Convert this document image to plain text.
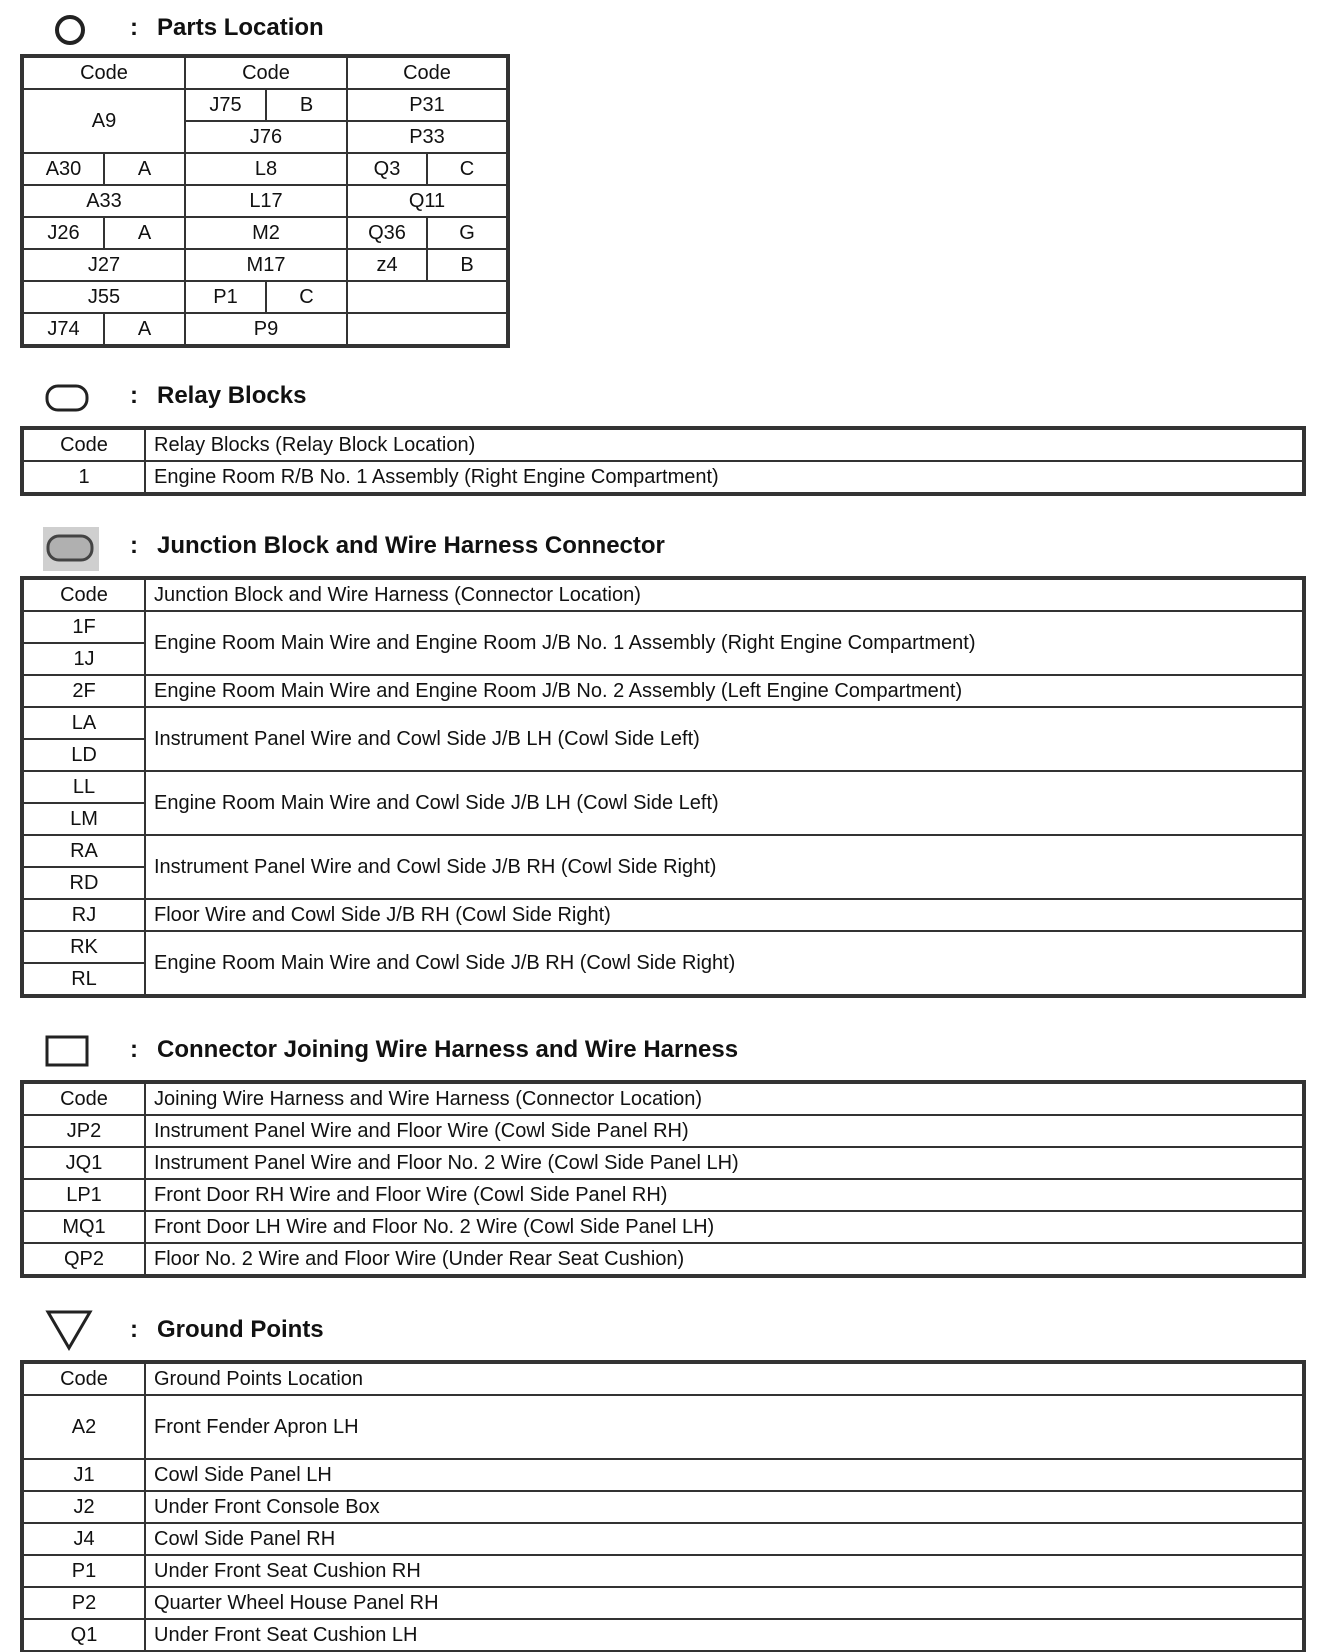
: Parts Location
Code		Code		Code	
A9		J75	B	P31	
		J76		P33	
A30	A	L8		Q3	C
A33		L17		Q11	
J26	A	M2		Q36	G
J27		M17		z4	B
J55		P1	C		
J74	A	P9			
: Relay Blocks
Code	Relay Blocks (Relay Block Location)
1	Engine Room R/B No. 1 Assembly (Right Engine Compartment)
: Junction Block and Wire Harness Connector
Code	Junction Block and Wire Harness (Connector Location)
1F	Engine Room Main Wire and Engine Room J/B No. 1 Assembly (Right Engine Compartment)
1J	
2F	Engine Room Main Wire and Engine Room J/B No. 2 Assembly (Left Engine Compartment)
LA	Instrument Panel Wire and Cowl Side J/B LH (Cowl Side Left)
LD	
LL	Engine Room Main Wire and Cowl Side J/B LH (Cowl Side Left)
LM	
RA	Instrument Panel Wire and Cowl Side J/B RH (Cowl Side Right)
RD	
RJ	Floor Wire and Cowl Side J/B RH (Cowl Side Right)
RK	Engine Room Main Wire and Cowl Side J/B RH (Cowl Side Right)
RL	
: Connector Joining Wire Harness and Wire Harness
Code	Joining Wire Harness and Wire Harness (Connector Location)
JP2	Instrument Panel Wire and Floor Wire (Cowl Side Panel RH)
JQ1	Instrument Panel Wire and Floor No. 2 Wire (Cowl Side Panel LH)
LP1	Front Door RH Wire and Floor Wire (Cowl Side Panel RH)
MQ1	Front Door LH Wire and Floor No. 2 Wire (Cowl Side Panel LH)
QP2	Floor No. 2 Wire and Floor Wire (Under Rear Seat Cushion)
: Ground Points
Code	Ground Points Location
A2	Front Fender Apron LH
J1	Cowl Side Panel LH
J2	Under Front Console Box
J4	Cowl Side Panel RH
P1	Under Front Seat Cushion RH
P2	Quarter Wheel House Panel RH
Q1	Under Front Seat Cushion LH
